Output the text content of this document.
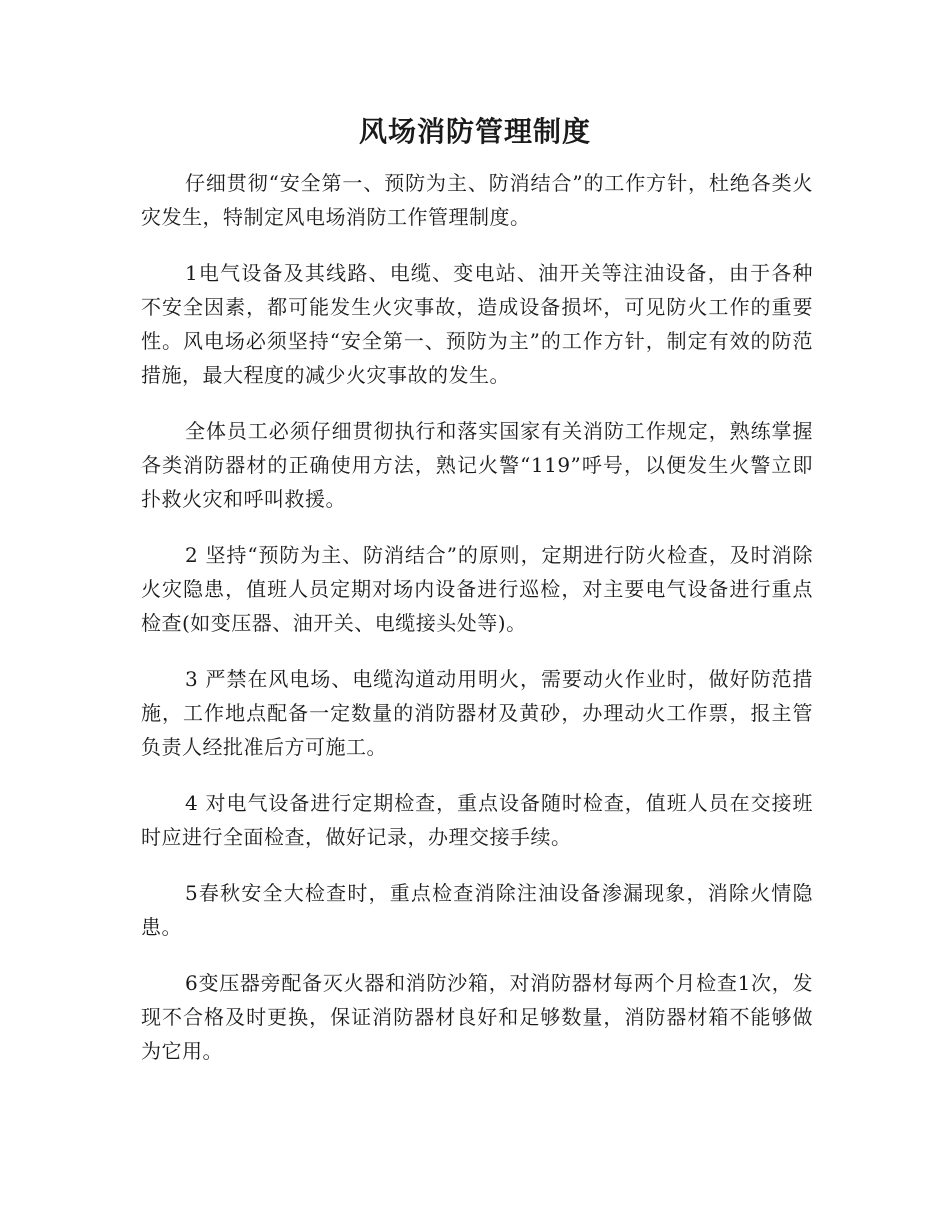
风场消防管理制度

仔细贯彻“安全第一、预防为主、防消结合”的工作方针，杜绝各类火灾发生，特制定风电场消防工作管理制度。

1电气设备及其线路、电缆、变电站、油开关等注油设备，由于各种不安全因素，都可能发生火灾事故，造成设备损坏，可见防火工作的重要性。风电场必须坚持“安全第一、预防为主”的工作方针，制定有效的防范措施，最大程度的减少火灾事故的发生。

全体员工必须仔细贯彻执行和落实国家有关消防工作规定，熟练掌握各类消防器材的正确使用方法，熟记火警“119”呼号，以便发生火警立即扑救火灾和呼叫救援。

2 坚持“预防为主、防消结合”的原则，定期进行防火检查，及时消除火灾隐患，值班人员定期对场内设备进行巡检，对主要电气设备进行重点检查(如变压器、油开关、电缆接头处等)。

3 严禁在风电场、电缆沟道动用明火，需要动火作业时，做好防范措施，工作地点配备一定数量的消防器材及黄砂，办理动火工作票，报主管负责人经批准后方可施工。

4 对电气设备进行定期检查，重点设备随时检查，值班人员在交接班时应进行全面检查，做好记录，办理交接手续。

5春秋安全大检查时，重点检查消除注油设备渗漏现象，消除火情隐患。

6变压器旁配备灭火器和消防沙箱，对消防器材每两个月检查1次，发现不合格及时更换，保证消防器材良好和足够数量，消防器材箱不能够做为它用。
